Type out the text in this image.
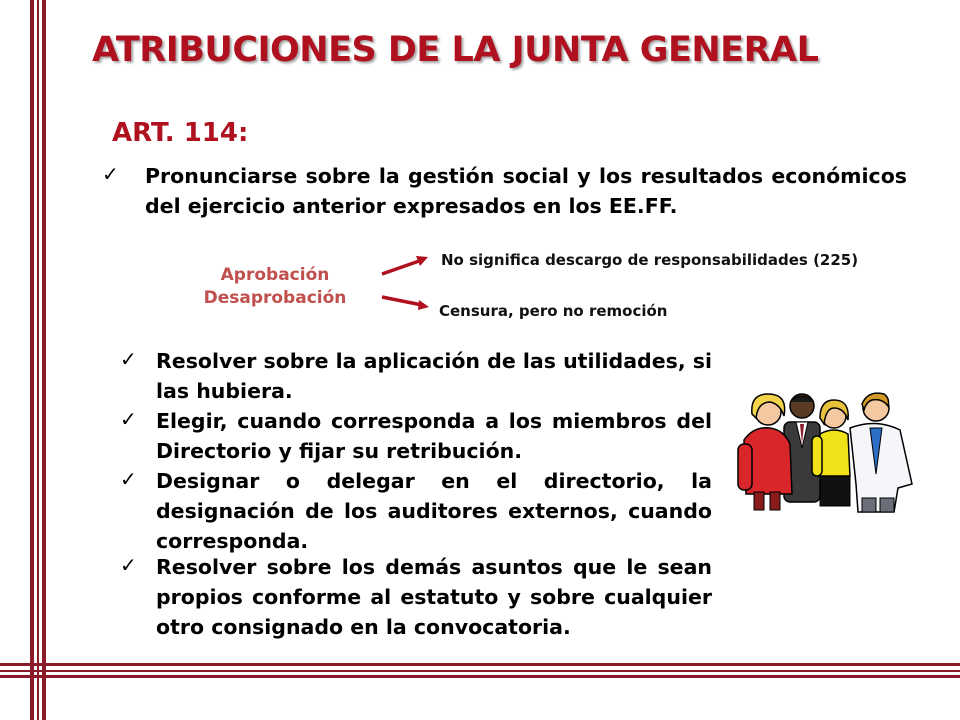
ATRIBUCIONES DE LA JUNTA GENERAL
ART. 114:
✓ Pronunciarse sobre la gestión social y los resultados económicos del ejercicio anterior expresados en los EE.FF.
Aprobación
Desaprobación
No significa descargo de responsabilidades (225)
Censura, pero no remoción
✓ Resolver sobre la aplicación de las utilidades, si las hubiera.
✓ Elegir, cuando corresponda a los miembros del Directorio y fijar su retribución.
✓ Designar o delegar en el directorio, la designación de los auditores externos, cuando corresponda.
✓ Resolver sobre los demás asuntos que le sean propios conforme al estatuto y sobre cualquier otro consignado en la convocatoria.
